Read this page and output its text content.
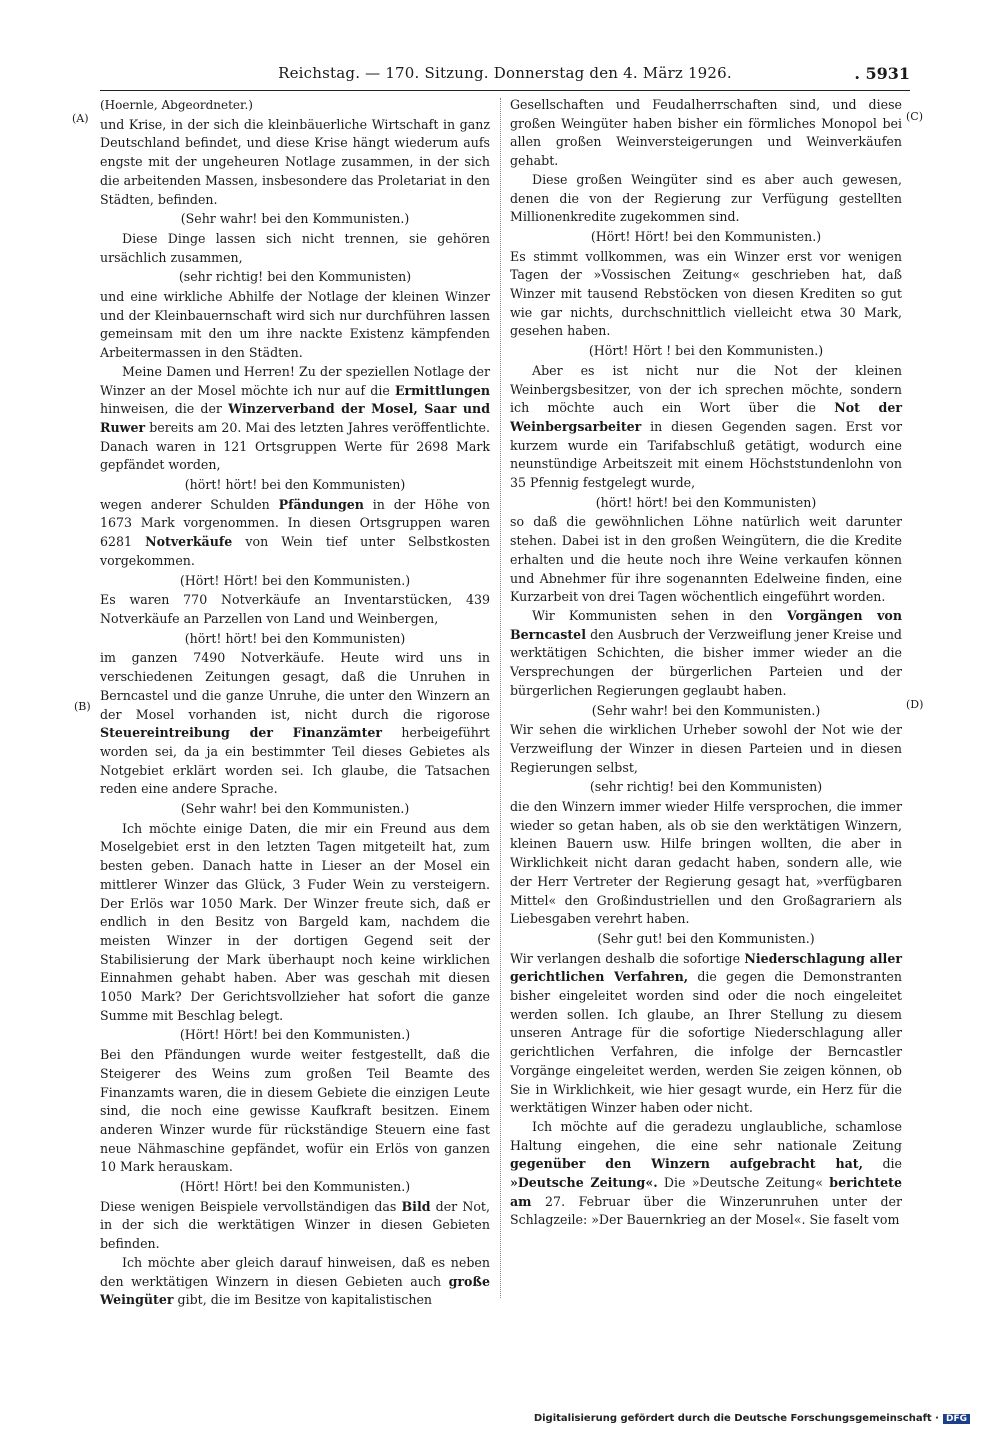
Reichstag. — 170. Sitzung. Donnerstag den 4. März 1926.	. 5931
(A)
(B)
(C)
(D)
(Hoernle, Abgeordneter.)

und Krise, in der sich die kleinbäuerliche Wirtschaft in ganz Deutschland befindet, und diese Krise hängt wiederum aufs engste mit der ungeheuren Notlage zusammen, in der sich die arbeitenden Massen, insbesondere das Proletariat in den Städten, befinden.

(Sehr wahr! bei den Kommunisten.)

Diese Dinge lassen sich nicht trennen, sie gehören ursächlich zusammen,

(sehr richtig! bei den Kommunisten)

und eine wirkliche Abhilfe der Notlage der kleinen Winzer und der Kleinbauernschaft wird sich nur durchführen lassen gemeinsam mit den um ihre nackte Existenz kämpfenden Arbeitermassen in den Städten.

Meine Damen und Herren! Zu der speziellen Notlage der Winzer an der Mosel möchte ich nur auf die Ermittlungen hinweisen, die der Winzerverband der Mosel, Saar und Ruwer bereits am 20. Mai des letzten Jahres veröffentlichte. Danach waren in 121 Ortsgruppen Werte für 2698 Mark gepfändet worden,

(hört! hört! bei den Kommunisten)

wegen anderer Schulden Pfändungen in der Höhe von 1673 Mark vorgenommen. In diesen Ortsgruppen waren 6281 Notverkäufe von Wein tief unter Selbstkosten vorgekommen.

(Hört! Hört! bei den Kommunisten.)

Es waren 770 Notverkäufe an Inventarstücken, 439 Notverkäufe an Parzellen von Land und Weinbergen,

(hört! hört! bei den Kommunisten)

im ganzen 7490 Notverkäufe. Heute wird uns in verschiedenen Zeitungen gesagt, daß die Unruhen in Berncastel und die ganze Unruhe, die unter den Winzern an der Mosel vorhanden ist, nicht durch die rigorose Steuereintreibung der Finanzämter herbeigeführt worden sei, da ja ein bestimmter Teil dieses Gebietes als Notgebiet erklärt worden sei. Ich glaube, die Tatsachen reden eine andere Sprache.

(Sehr wahr! bei den Kommunisten.)

Ich möchte einige Daten, die mir ein Freund aus dem Moselgebiet erst in den letzten Tagen mitgeteilt hat, zum besten geben. Danach hatte in Lieser an der Mosel ein mittlerer Winzer das Glück, 3 Fuder Wein zu versteigern. Der Erlös war 1050 Mark. Der Winzer freute sich, daß er endlich in den Besitz von Bargeld kam, nachdem die meisten Winzer in der dortigen Gegend seit der Stabilisierung der Mark überhaupt noch keine wirklichen Einnahmen gehabt haben. Aber was geschah mit diesen 1050 Mark? Der Gerichtsvollzieher hat sofort die ganze Summe mit Beschlag belegt.

(Hört! Hört! bei den Kommunisten.)

Bei den Pfändungen wurde weiter festgestellt, daß die Steigerer des Weins zum großen Teil Beamte des Finanzamts waren, die in diesem Gebiete die einzigen Leute sind, die noch eine gewisse Kaufkraft besitzen. Einem anderen Winzer wurde für rückständige Steuern eine fast neue Nähmaschine gepfändet, wofür ein Erlös von ganzen 10 Mark herauskam.

(Hört! Hört! bei den Kommunisten.)

Diese wenigen Beispiele vervollständigen das Bild der Not, in der sich die werktätigen Winzer in diesen Gebieten befinden.

Ich möchte aber gleich darauf hinweisen, daß es neben den werktätigen Winzern in diesen Gebieten auch große Weingüter gibt, die im Besitze von kapitalistischen

Gesellschaften und Feudalherrschaften sind, und diese großen Weingüter haben bisher ein förmliches Monopol bei allen großen Weinversteigerungen und Weinverkäufen gehabt.

Diese großen Weingüter sind es aber auch gewesen, denen die von der Regierung zur Verfügung gestellten Millionenkredite zugekommen sind.

(Hört! Hört! bei den Kommunisten.)

Es stimmt vollkommen, was ein Winzer erst vor wenigen Tagen der »Vossischen Zeitung« geschrieben hat, daß Winzer mit tausend Rebstöcken von diesen Krediten so gut wie gar nichts, durchschnittlich vielleicht etwa 30 Mark, gesehen haben.

(Hört! Hört ! bei den Kommunisten.)

Aber es ist nicht nur die Not der kleinen Weinbergsbesitzer, von der ich sprechen möchte, sondern ich möchte auch ein Wort über die Not der Weinbergsarbeiter in diesen Gegenden sagen. Erst vor kurzem wurde ein Tarifabschluß getätigt, wodurch eine neunstündige Arbeitszeit mit einem Höchststundenlohn von 35 Pfennig festgelegt wurde,

(hört! hört! bei den Kommunisten)

so daß die gewöhnlichen Löhne natürlich weit darunter stehen. Dabei ist in den großen Weingütern, die die Kredite erhalten und die heute noch ihre Weine verkaufen können und Abnehmer für ihre sogenannten Edelweine finden, eine Kurzarbeit von drei Tagen wöchentlich eingeführt worden.

Wir Kommunisten sehen in den Vorgängen von Berncastel den Ausbruch der Verzweiflung jener Kreise und werktätigen Schichten, die bisher immer wieder an die Versprechungen der bürgerlichen Parteien und der bürgerlichen Regierungen geglaubt haben.

(Sehr wahr! bei den Kommunisten.)

Wir sehen die wirklichen Urheber sowohl der Not wie der Verzweiflung der Winzer in diesen Parteien und in diesen Regierungen selbst,

(sehr richtig! bei den Kommunisten)

die den Winzern immer wieder Hilfe versprochen, die immer wieder so getan haben, als ob sie den werktätigen Winzern, kleinen Bauern usw. Hilfe bringen wollten, die aber in Wirklichkeit nicht daran gedacht haben, sondern alle, wie der Herr Vertreter der Regierung gesagt hat, »verfügbaren Mittel« den Großindustriellen und den Großagrariern als Liebesgaben verehrt haben.

(Sehr gut! bei den Kommunisten.)

Wir verlangen deshalb die sofortige Niederschlagung aller gerichtlichen Verfahren, die gegen die Demonstranten bisher eingeleitet worden sind oder die noch eingeleitet werden sollen. Ich glaube, an Ihrer Stellung zu diesem unseren Antrage für die sofortige Niederschlagung aller gerichtlichen Verfahren, die infolge der Berncastler Vorgänge eingeleitet werden, werden Sie zeigen können, ob Sie in Wirklichkeit, wie hier gesagt wurde, ein Herz für die werktätigen Winzer haben oder nicht.

Ich möchte auf die geradezu unglaubliche, schamlose Haltung eingehen, die eine sehr nationale Zeitung gegenüber den Winzern aufgebracht hat, die »Deutsche Zeitung«. Die »Deutsche Zeitung« berichtete am 27. Februar über die Winzerunruhen unter der Schlagzeile: »Der Bauernkrieg an der Mosel«. Sie faselt vom

Digitalisierung gefördert durch die Deutsche Forschungsgemeinschaft · DFG
